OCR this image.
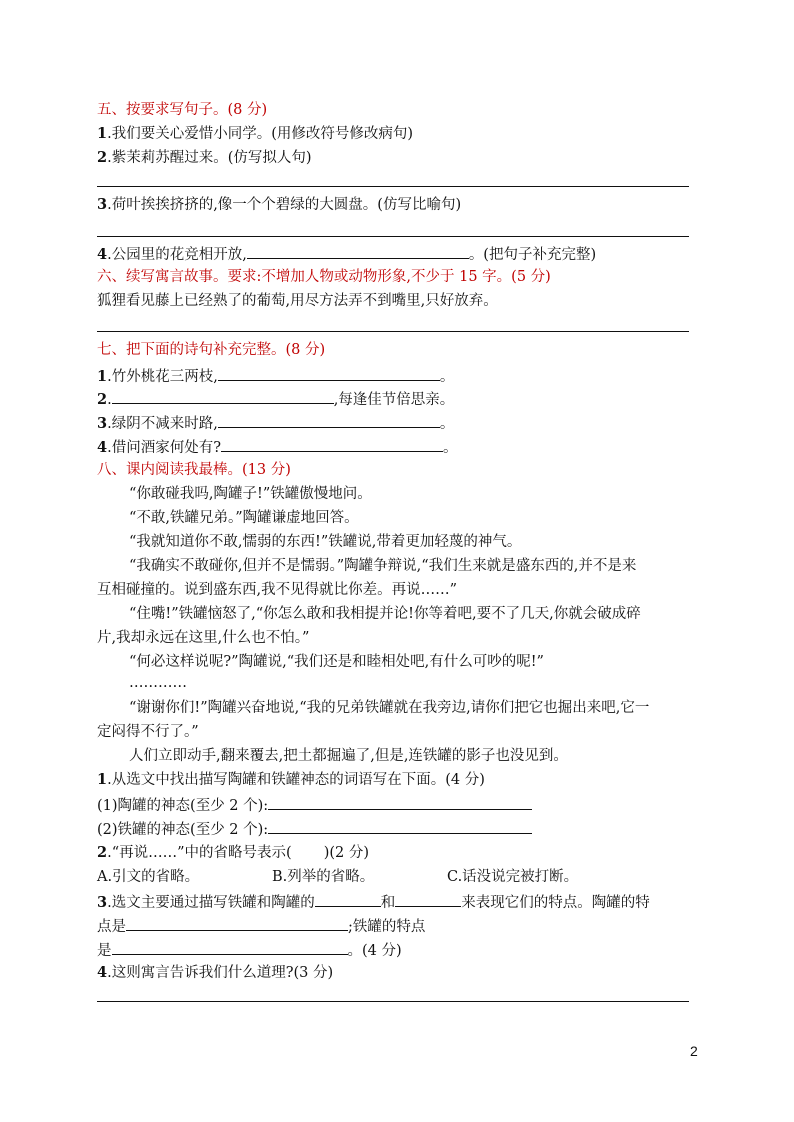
五、按要求写句子。(8 分)
1.我们要关心爱惜小同学。(用修改符号修改病句)
2.紫茉莉苏醒过来。(仿写拟人句)
3.荷叶挨挨挤挤的,像一个个碧绿的大圆盘。(仿写比喻句)
4.公园里的花竞相开放,	。(把句子补充完整)
六、续写寓言故事。要求:不增加人物或动物形象,不少于 15 字。(5 分)
狐狸看见藤上已经熟了的葡萄,用尽方法弄不到嘴里,只好放弃。
七、把下面的诗句补充完整。(8 分)
1.竹外桃花三两枝,	。
2.	,每逢佳节倍思亲。
3.绿阴不减来时路,	。
4.借问酒家何处有?	。
八、课内阅读我最棒。(13 分)
“你敢碰我吗,陶罐子!”铁罐傲慢地问。
“不敢,铁罐兄弟。”陶罐谦虚地回答。
“我就知道你不敢,懦弱的东西!”铁罐说,带着更加轻蔑的神气。
“我确实不敢碰你,但并不是懦弱。”陶罐争辩说,“我们生来就是盛东西的,并不是来
互相碰撞的。说到盛东西,我不见得就比你差。再说……”
“住嘴!”铁罐恼怒了,“你怎么敢和我相提并论!你等着吧,要不了几天,你就会破成碎
片,我却永远在这里,什么也不怕。”
“何必这样说呢?”陶罐说,“我们还是和睦相处吧,有什么可吵的呢!”
…………
“谢谢你们!”陶罐兴奋地说,“我的兄弟铁罐就在我旁边,请你们把它也掘出来吧,它一
定闷得不行了。”
人们立即动手,翻来覆去,把土都掘遍了,但是,连铁罐的影子也没见到。
1.从选文中找出描写陶罐和铁罐神态的词语写在下面。(4 分)
(1)陶罐的神态(至少 2 个):
(2)铁罐的神态(至少 2 个):
2.“再说……”中的省略号表示( )(2 分)
A.引文的省略。	B.列举的省略。	C.话没说完被打断。
3.选文主要通过描写铁罐和陶罐的	和	来表现它们的特点。陶罐的特
点是	;铁罐的特点
是	。(4 分)
4.这则寓言告诉我们什么道理?(3 分)
2
